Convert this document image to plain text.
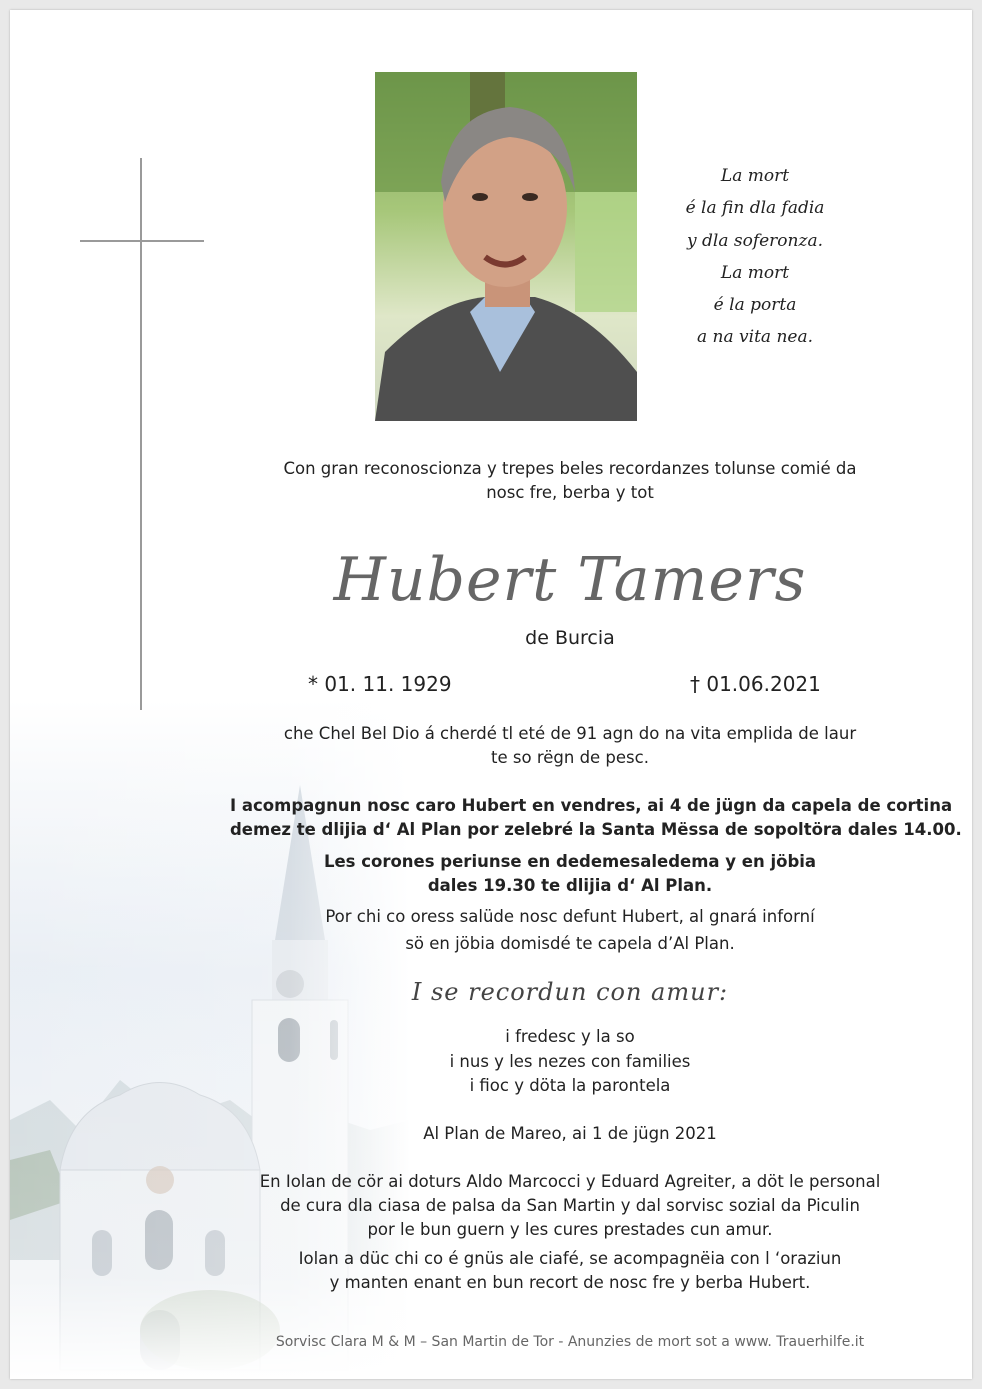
La mort
é la fin dla fadia
y dla soferonza.
La mort
é la porta
a na vita nea.
Con gran reconoscionza y trepes beles recordanzes tolunse comié da
nosc fre, berba y tot
Hubert Tamers
de Burcia
* 01. 11. 1929	† 01.06.2021
che Chel Bel Dio á cherdé tl eté de 91 agn do na vita emplida de laur
te so rëgn de pesc.
I acompagnun nosc caro Hubert en vendres, ai 4 de jügn da capela de cortina
demez te dlijia d‘ Al Plan por zelebré la Santa Mëssa de sopoltöra dales 14.00.
Les corones periunse en dedemesaledema y en jöbia
dales 19.30 te dlijia d‘ Al Plan.
Por chi co oress salüde nosc defunt Hubert, al gnará inforní
sö en jöbia domisdé te capela d’Al Plan.
I se recordun con amur:
i fredesc y la so
i nus y les nezes con families
i fioc y döta la parontela
Al Plan de Mareo, ai 1 de jügn 2021
En Iolan de cör ai doturs Aldo Marcocci y Eduard Agreiter, a döt le personal
de cura dla ciasa de palsa da San Martin y dal sorvisc sozial da Piculin
por le bun guern y les cures prestades cun amur.
Iolan a düc chi co é gnüs ale ciafé, se acompagnëia con l ‘oraziun
y manten enant en bun recort de nosc fre y berba Hubert.
Sorvisc Clara M & M – San Martin de Tor - Anunzies de mort sot a www. Trauerhilfe.it
